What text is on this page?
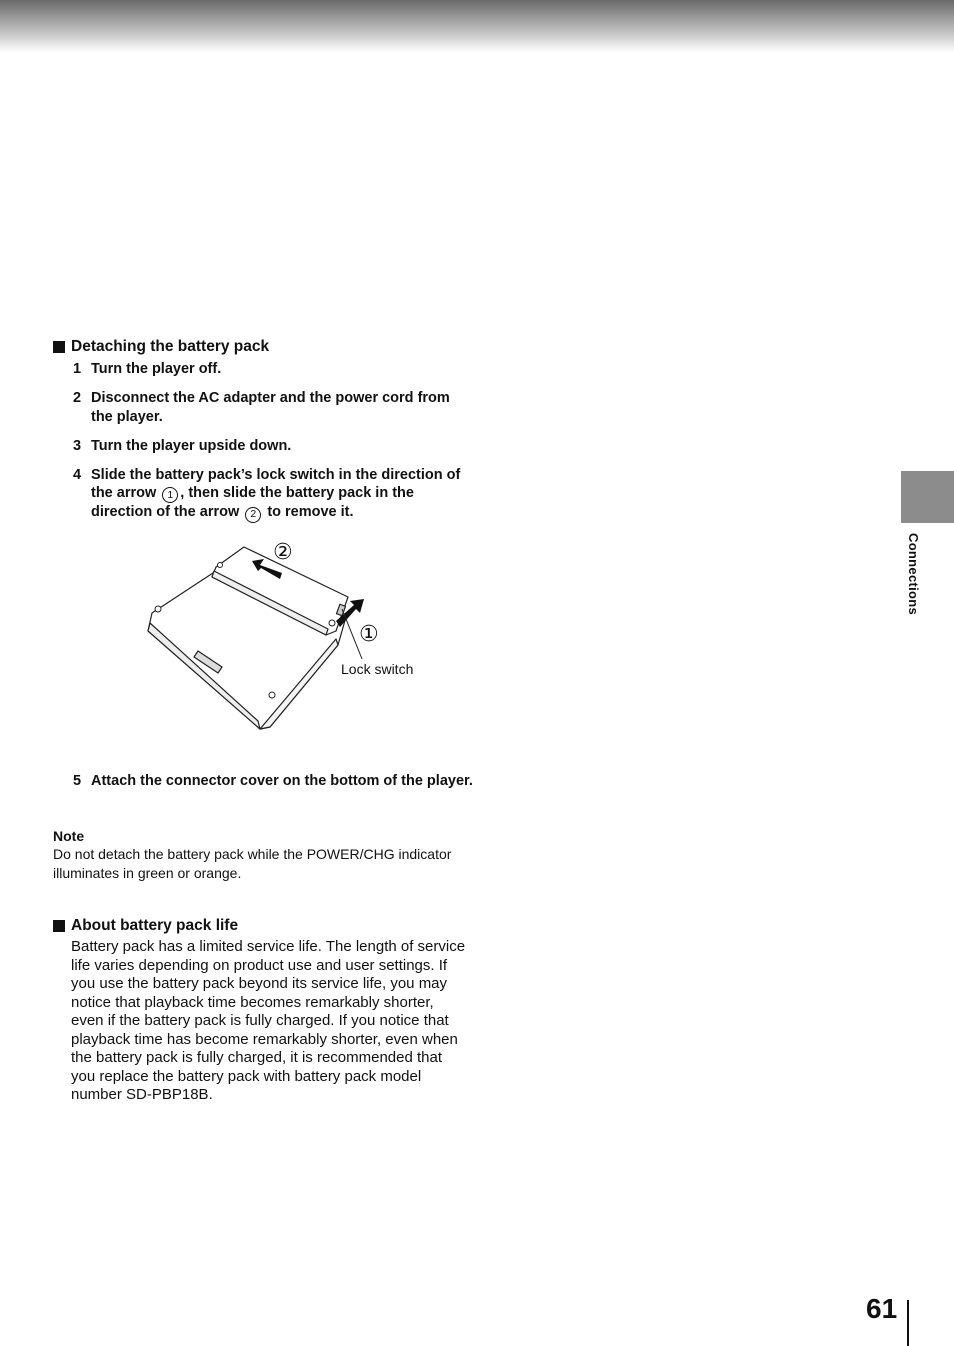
Detaching the battery pack
1 Turn the player off.
2 Disconnect the AC adapter and the power cord from the player.
3 Turn the player upside down.
4 Slide the battery pack’s lock switch in the direction of the arrow 1 , then slide the battery pack in the direction of the arrow 2 to remove it.
②
①
Lock switch
5 Attach the connector cover on the bottom of the player.
Note
Do not detach the battery pack while the POWER/CHG indicator illuminates in green or orange.
About battery pack life
Battery pack has a limited service life. The length of service life varies depending on product use and user settings. If you use the battery pack beyond its service life, you may notice that playback time becomes remarkably shorter, even if the battery pack is fully charged. If you notice that playback time has become remarkably shorter, even when the battery pack is fully charged, it is recommended that you replace the battery pack with battery pack model number SD-PBP18B.
Connections
61
